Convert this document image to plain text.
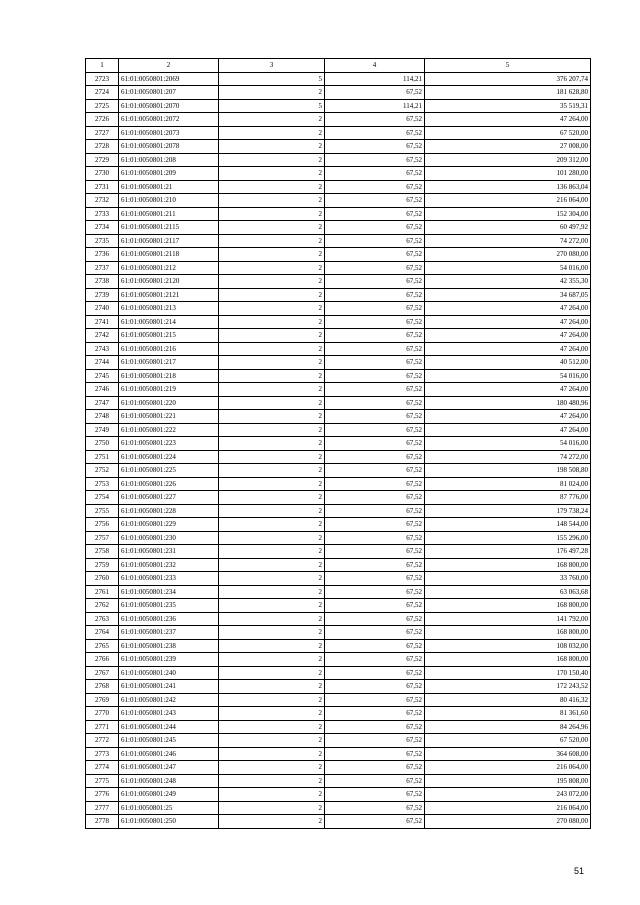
1	2	3	4	5
2723	61:01:0050801:2069	5	114,21	376 207,74
2724	61:01:0050801:207	2	67,52	181 628,80
2725	61:01:0050801:2070	5	114,21	35 519,31
2726	61:01:0050801:2072	2	67,52	47 264,00
2727	61:01:0050801:2073	2	67,52	67 520,00
2728	61:01:0050801:2078	2	67,52	27 008,00
2729	61:01:0050801:208	2	67,52	209 312,00
2730	61:01:0050801:209	2	67,52	101 280,00
2731	61:01:0050801:21	2	67,52	136 863,04
2732	61:01:0050801:210	2	67,52	216 064,00
2733	61:01:0050801:211	2	67,52	152 304,00
2734	61:01:0050801:2115	2	67,52	60 497,92
2735	61:01:0050801:2117	2	67,52	74 272,00
2736	61:01:0050801:2118	2	67,52	270 080,00
2737	61:01:0050801:212	2	67,52	54 016,00
2738	61:01:0050801:2120	2	67,52	42 355,30
2739	61:01:0050801:2121	2	67,52	34 687,05
2740	61:01:0050801:213	2	67,52	47 264,00
2741	61:01:0050801:214	2	67,52	47 264,00
2742	61:01:0050801:215	2	67,52	47 264,00
2743	61:01:0050801:216	2	67,52	47 264,00
2744	61:01:0050801:217	2	67,52	40 512,00
2745	61:01:0050801:218	2	67,52	54 016,00
2746	61:01:0050801:219	2	67,52	47 264,00
2747	61:01:0050801:220	2	67,52	180 480,96
2748	61:01:0050801:221	2	67,52	47 264,00
2749	61:01:0050801:222	2	67,52	47 264,00
2750	61:01:0050801:223	2	67,52	54 016,00
2751	61:01:0050801:224	2	67,52	74 272,00
2752	61:01:0050801:225	2	67,52	198 508,80
2753	61:01:0050801:226	2	67,52	81 024,00
2754	61:01:0050801:227	2	67,52	87 776,00
2755	61:01:0050801:228	2	67,52	179 738,24
2756	61:01:0050801:229	2	67,52	148 544,00
2757	61:01:0050801:230	2	67,52	155 296,00
2758	61:01:0050801:231	2	67,52	176 497,28
2759	61:01:0050801:232	2	67,52	168 800,00
2760	61:01:0050801:233	2	67,52	33 760,00
2761	61:01:0050801:234	2	67,52	63 063,68
2762	61:01:0050801:235	2	67,52	168 800,00
2763	61:01:0050801:236	2	67,52	141 792,00
2764	61:01:0050801:237	2	67,52	168 800,00
2765	61:01:0050801:238	2	67,52	108 032,00
2766	61:01:0050801:239	2	67,52	168 800,00
2767	61:01:0050801:240	2	67,52	170 150,40
2768	61:01:0050801:241	2	67,52	172 243,52
2769	61:01:0050801:242	2	67,52	80 416,32
2770	61:01:0050801:243	2	67,52	81 361,60
2771	61:01:0050801:244	2	67,52	84 264,96
2772	61:01:0050801:245	2	67,52	67 520,00
2773	61:01:0050801:246	2	67,52	364 608,00
2774	61:01:0050801:247	2	67,52	216 064,00
2775	61:01:0050801:248	2	67,52	195 808,00
2776	61:01:0050801:249	2	67,52	243 072,00
2777	61:01:0050801:25	2	67,52	216 064,00
2778	61:01:0050801:250	2	67,52	270 080,00
51
